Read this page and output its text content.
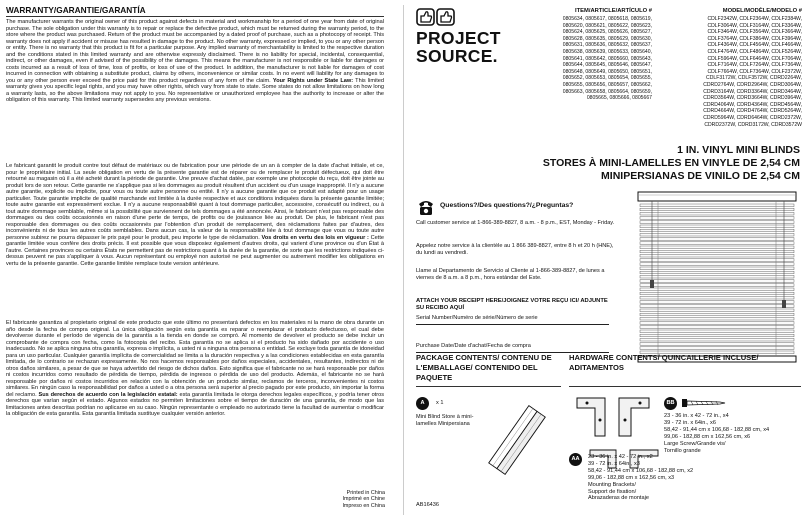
WARRANTY/GARANTIE/GARANTÍA
The manufacturer warrants the original owner of this product against defects in material and workmanship for a period of one year from date of original purchase. The sole obligation under this warranty is to repair or replace the defective product, which must be returned during the warranty period, to the store where the product was purchased. Return of the product must be accompanied by a dated proof of purchase, such as a photocopy of receipt. This warranty does not apply if accident or misuse has resulted in damage to the product. No other warranty, expressed or implied, to you or any other person or entity. There is no warranty that this product is fit for a particular purpose. Any implied warranty of merchantability is limited to the respective duration and the conditions stated in this limited warranty and are otherwise expressly disclaimed. There is no liability for special, incidental, consequential, indirect, or other damages, even if advised of the possibility of the damages. This means the manufacturer is not responsible or liable for damages or costs incurred as a result of loss of time, loss of profits, or loss of use of the product. In addition, the manufacturer is not liable for damages of cost incurred in connection with obtaining a substitute product, claims by others, inconvenience or similar costs. In no event will liability for any damages to you or any other person ever exceed the price paid for this product regardless of any form of the claim. Your Rights under State Law: This limited warranty gives you specific legal rights, and you may have other rights, which vary from state to state. Some states do not allow limitations on how long a warranty lasts, so the above limitations may not apply to you. No representative or unauthorized employee has the authority to increase or alter the obligation of this warranty. This limited warranty supersedes any previous versions.
Le fabricant garantit le produit contre tout défaut de matériaux ou de fabrication pour une période de un an à compter de la date d'achat initiale, et ce, pour le propriétaire initial. La seule obligation en vertu de la présente garantie est de réparer ou de remplacer le produit défectueux, qui doit être retourné au magasin où il a été acheté durant la période de garantie. Une preuve d'achat datée, par exemple une photocopie du reçu, doit être jointe au produit lors de son retour. Cette garantie ne s'applique pas si les dommages au produit résultent d'un accident ou d'un usage inapproprié. Il n'y a aucune autre garantie, explicite ou implicite, pour vous ou toute autre personne ou entité. Il n'y a aucune garantie que ce produit est adapté pour un usage particulier. Toute garantie implicite de qualité marchande est limitée à la durée respective et aux conditions indiquées dans la présente garantie limitée; toute autre garantie est expressément exclue. Il n'y a aucune responsabilité quant à tout dommage particulier, accessoire, consécutif ou indirect, ou à tout autre dommage semblable, même si la possibilité que surviennent de tels dommages a été annoncée. Ainsi, le fabricant n'est pas responsable des dommages ou des coûts occasionnés en raison d'une perte de temps, de profits ou de jouissance liée au produit. De plus, le fabricant n'est pas responsable des dommages ou des coûts occasionnés par l'obtention d'un produit de remplacement, des réclamations faites par d'autres, des inconvénients ni de tous les autres coûts semblables. Dans aucun cas, la valeur de la responsabilité liée à tout dommage que vous ou toute autre personne subirez ne pourra dépasser le prix payé pour le produit, peu importe le type de réclamation. Vos droits en vertu des lois en vigueur : Cette garantie limitée vous confère des droits précis. Il est possible que vous disposiez également d'autres droits, qui varient d'une province ou d'un État à l'autre. Certaines provinces ou certains États ne permettent pas de restrictions quant à la durée de la garantie, de sorte que les restrictions indiquées ci-dessus peuvent ne pas s'appliquer à vous. Aucun représentant ou employé non autorisé ne peut augmenter ou autrement modifier les obligations en vertu de la présente garantie. Cette garantie limitée remplace toute version antérieure.
El fabricante garantiza al propietario original de este producto que este último no presentará defectos en los materiales ni la mano de obra durante un año desde la fecha de compra original. La única obligación según esta garantía es reparar o reemplazar el producto defectuoso, el cual debe devolverse durante el período de vigencia de la garantía a la tienda en donde se compró. Al momento de devolver el producto se debe incluir un comprobante de compra con fecha, como la fotocopia del recibo. Esta garantía no se aplica si el producto ha sido dañado por accidente o uso inadecuado. No se aplica ninguna otra garantía, expresa o implícita, a usted ni a ninguna otra persona o entidad. Se excluye toda garantía de idoneidad para un uso particular. Cualquier garantía implícita de comercialidad se limita a la duración respectiva y a las condiciones establecidas en esta garantía limitada, de lo contrario se rechazan expresamente. No nos hacemos responsables por daños especiales, accidentales, resultantes, indirectos ni de otros daños similares, a pesar de que se haya advertido del riesgo de dichos daños. Esto significa que el fabricante no se hará responsable por daños ni costos incurridos como resultado de pérdida de tiempo, pérdida de ingresos o pérdida de uso del producto. Además, el fabricante no se hará responsable por daños ni costos incurridos en relación con la obtención de un producto similar, reclamos de terceros, inconvenientes ni costos similares. En ningún caso la responsabilidad por daños a usted o a otra persona será superior al precio pagado por este producto, sin importar la forma del reclamo. Sus derechos de acuerdo con la legislación estatal: esta garantía limitada le otorga derechos legales específicos, y podría tener otros derechos que varían según el estado. Algunos estados no permiten limitaciones sobre el tiempo de duración de una garantía, de modo que las limitaciones antes descritas podrían no aplicarse en su caso. Ningún representante o empleado no autorizado tiene la facultad de aumentar o modificar la obligación de esta garantía. Esta garantía limitada sustituye cualquier versión anterior.
Printed in China
Imprimé en Chine
Impreso en China
PROJECT
SOURCE.
ITEM/ARTICLE/ARTÍCULO #
0805634, 0805617, 0805618, 0805619,
0805620, 0805621, 0805622, 0805623,
0805624, 0805625, 0805626, 0805627,
0805628, 0805635, 0805629, 0805630,
0805631, 0805636, 0805632, 0805637,
0805638, 0805639, 0805633, 0805640,
0805641, 0805642, 0805660, 0805643,
0805644, 0805645, 0805646, 0805647,
0805648, 0805649, 0805650, 0805651,
0805652, 0805653, 0805654, 0805655,
0805655, 0805656, 0805657, 0805662,
0805663, 0805658, 0805664, 0805659,
0805665, 0805666, 0805667
MODEL/MODÈLE/MODELO #
CDLF2342W, CDLF2364W, CDLF2384W,
CDLF3064W, CDLF3164W, CDLF3364W,
CDLF3464W, CDLF3564W, CDLF3664W,
CDLF3764W, CDLF3864W, CDLF3964W,
CDLF4364W, CDLF4564W, CDLF4664W,
CDLF4764W, CDLF4864W, CDLF5264W,
CDLF5964W, CDLF6464W, CDLF7064W,
CDLF7164W, CDLF7264W, CDLF7364W,
CDLF7664W, CDLF7364W, CDLF2372W,
CDLF3172W, CDLF3572W, CDRD2264W,
CDRD2764W, CDRD2964W, CDRD3064W,
CDRD3164W, CDRD3364W, CDRD3464W,
CDRD3564W, CDRD3664W, CDRD3964W,
CDRD4064W, CDRD4364W, CDRD4564W,
CDRD4664W, CDRD4764W, CDRD5264W,
CDRD5964W, CDRD6464W, CDRD2372W,
CDRD2372W, CDRD3172W, CDRD3572W
1 IN. VINYL MINI BLINDS
STORES À MINI-LAMELLES EN VINYLE DE 2,54 CM
MINIPERSIANAS DE VINILO DE 2,54 CM
Questions?/Des questions?/¿Preguntas?
Call customer service at 1-866-389-8827, 8 a.m. - 8 p.m., EST, Monday - Friday.
Appelez notre service à la clientèle au 1 866 389-8827, entre 8 h et 20 h (HNE), du lundi au vendredi.
Llame al Departamento de Servicio al Cliente al 1-866-389-8827, de lunes a viernes de 8 a.m. a 8 p.m., hora estándar del Este.
ATTACH YOUR RECEIPT HERE/JOIGNEZ VOTRE REÇU ICI/ ADJUNTE SU RECIBO AQUÍ
Serial Number/Numéro de série/Número de serie
Purchase Date/Date d'achat/Fecha de compra
PACKAGE CONTENTS/ CONTENU DE L'EMBALLAGE/ CONTENIDO DEL PAQUETE
A	x 1
Mini Blind Store à mini-lamelles Minipersiana
AB16436
HARDWARE CONTENTS/ QUINCAILLERIE INCLUSE/ ADITAMENTOS
BB
23 - 36 in. x 42 - 72 in., x4
39 - 72 in. x 64in., x6
58,42 - 91,44 cm x 106,68 - 182,88 cm, x4
99,06 - 182,88 cm x 162,56 cm, x6
Large Screw/Grande vis/
Tornillo grande
AA	23 - 36 in. x 42 - 72 in., x2
39 - 72 in. x 64in., x3
58,42 - 91,44 cm x 106,68 - 182,88 cm, x2
99,06 - 182,88 cm x 162,56 cm, x3
Mounting Brackets/
Support de fixation/
Abrazaderas de montaje
